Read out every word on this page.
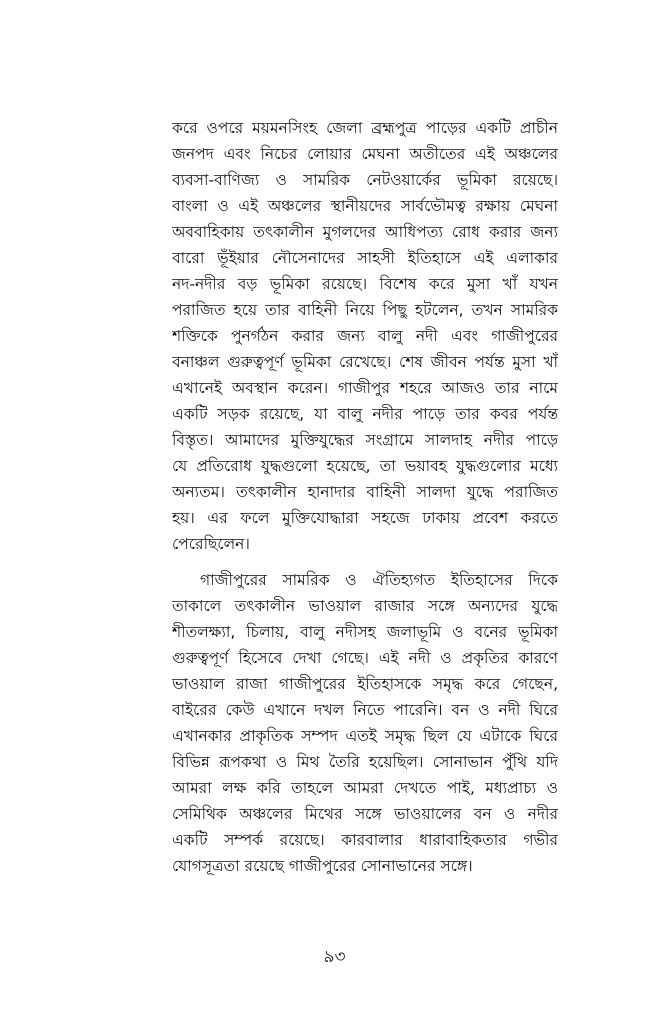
করে ওপরে ময়মনসিংহ জেলা ব্রহ্মপুত্র পাড়ের একটি প্রাচীন
জনপদ এবং নিচের লোয়ার মেঘনা অতীতের এই অঞ্চলের
ব্যবসা-বাণিজ্য ও সামরিক নেটওয়ার্কের ভূমিকা রয়েছে।
বাংলা ও এই অঞ্চলের স্থানীয়দের সার্বভৌমত্ব রক্ষায় মেঘনা
অববাহিকায় তৎকালীন মুগলদের আধিপত্য রোধ করার জন্য
বারো ভূঁইয়ার নৌসেনাদের সাহসী ইতিহাসে এই এলাকার
নদ-নদীর বড় ভূমিকা রয়েছে। বিশেষ করে মুসা খাঁ যখন
পরাজিত হয়ে তার বাহিনী নিয়ে পিছু হটলেন, তখন সামরিক
শক্তিকে পুনর্গঠন করার জন্য বালু নদী এবং গাজীপুরের
বনাঞ্চল গুরুত্বপূর্ণ ভূমিকা রেখেছে। শেষ জীবন পর্যন্ত মুসা খাঁ
এখানেই অবস্থান করেন। গাজীপুর শহরে আজও তার নামে
একটি সড়ক রয়েছে, যা বালু নদীর পাড়ে তার কবর পর্যন্ত
বিস্তৃত। আমাদের মুক্তিযুদ্ধের সংগ্রামে সালদাহ নদীর পাড়ে
যে প্রতিরোধ যুদ্ধগুলো হয়েছে, তা ভয়াবহ যুদ্ধগুলোর মধ্যে
অন্যতম। তৎকালীন হানাদার বাহিনী সালদা যুদ্ধে পরাজিত
হয়। এর ফলে মুক্তিযোদ্ধারা সহজে ঢাকায় প্রবেশ করতে
পেরেছিলেন।
গাজীপুরের সামরিক ও ঐতিহ্যগত ইতিহাসের দিকে
তাকালে তৎকালীন ভাওয়াল রাজার সঙ্গে অন্যদের যুদ্ধে
শীতলক্ষ্যা, চিলায়, বালু নদীসহ জলাভূমি ও বনের ভূমিকা
গুরুত্বপূর্ণ হিসেবে দেখা গেছে। এই নদী ও প্রকৃতির কারণে
ভাওয়াল রাজা গাজীপুরের ইতিহাসকে সমৃদ্ধ করে গেছেন,
বাইরের কেউ এখানে দখল নিতে পারেনি। বন ও নদী ঘিরে
এখানকার প্রাকৃতিক সম্পদ এতই সমৃদ্ধ ছিল যে এটাকে ঘিরে
বিভিন্ন রূপকথা ও মিথ তৈরি হয়েছিল। সোনাভান পুঁথি যদি
আমরা লক্ষ করি তাহলে আমরা দেখতে পাই, মধ্যপ্রাচ্য ও
সেমিথিক অঞ্চলের মিথের সঙ্গে ভাওয়ালের বন ও নদীর
একটি সম্পর্ক রয়েছে। কারবালার ধারাবাহিকতার গভীর
যোগসূত্রতা রয়েছে গাজীপুরের সোনাভানের সঙ্গে।
৯৩
